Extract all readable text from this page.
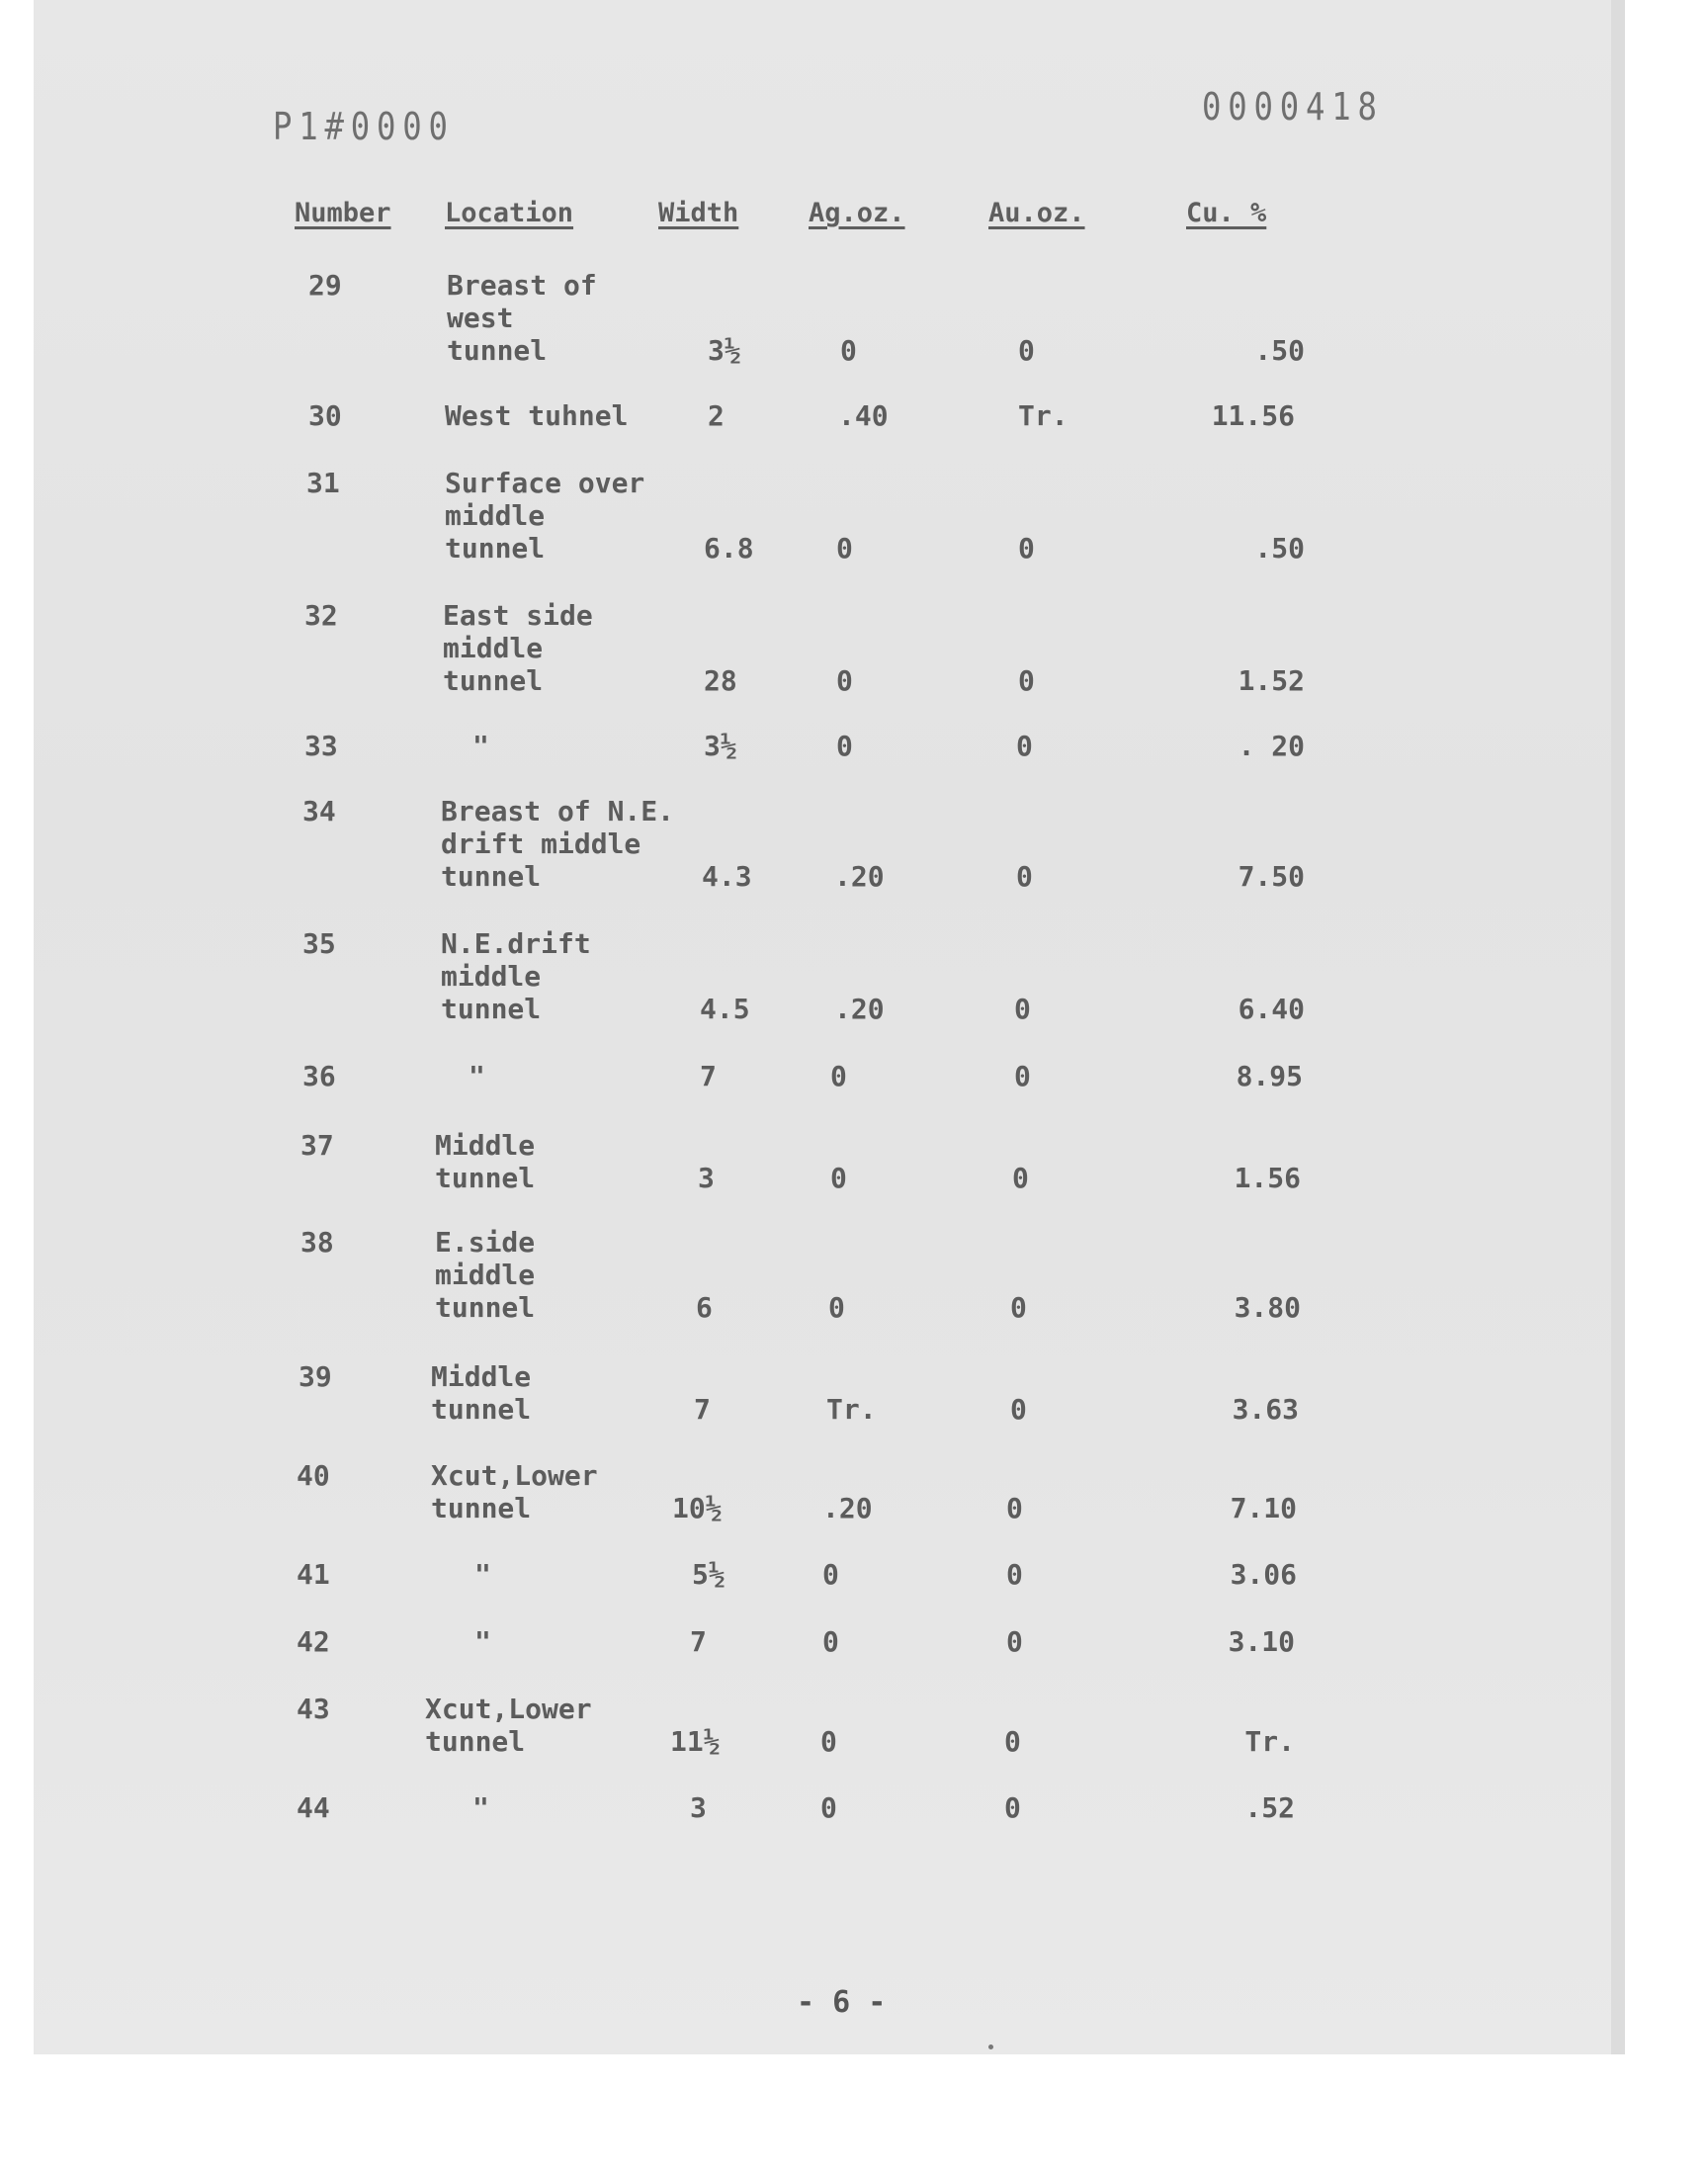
P1#0000	0000418
Number Location	Width	Ag.oz.	Au.oz.	Cu. %
29	Breast of
west
tunnel	3½	0	0	.50
30	West tuhnel	2	.40	Tr.	11.56
31	Surface over
middle
tunnel	6.8	0	0	.50
32	East side
middle
tunnel	28	0	0	1.52
33	"	3½	0	0	. 20
34	Breast of N.E.
drift middle
tunnel	4.3	.20	0	7.50
35	N.E.drift
middle
tunnel	4.5	.20	0	6.40
36	"	7	0	0	8.95
37	Middle
tunnel	3	0	0	1.56
38	E.side
middle
tunnel	6	0	0	3.80
39	Middle
tunnel	7	Tr.	0	3.63
40	Xcut,Lower
tunnel	10½	.20	0	7.10
41	"	5½	0	0	3.06
42	"	7	0	0	3.10
43	Xcut,Lower
tunnel	11½	0	0	Tr.
44	"	3	0	0	.52
- 6 -
